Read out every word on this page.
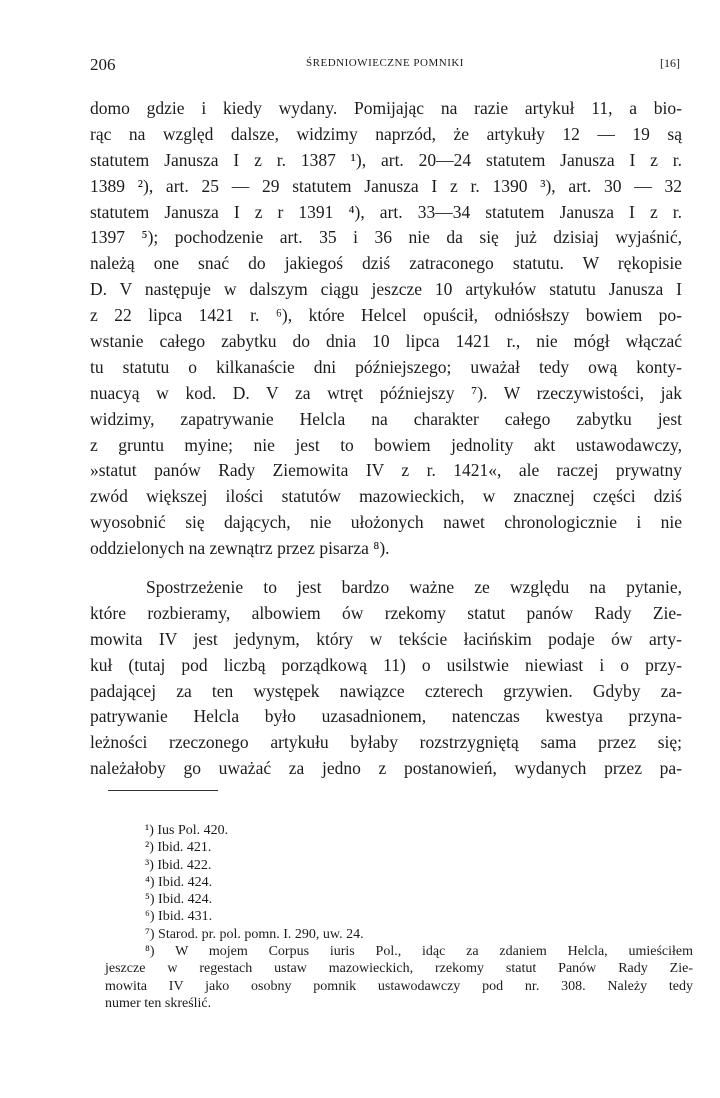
206	ŚREDNIOWIECZNE POMNIKI	[16]
domo gdzie i kiedy wydany. Pomijając na razie artykuł 11, a bio-
rąc na względ dalsze, widzimy naprzód, że artykuły 12 — 19 są
statutem Janusza I z r. 1387 ¹), art. 20—24 statutem Janusza I z r.
1389 ²), art. 25 — 29 statutem Janusza I z r. 1390 ³), art. 30 — 32
statutem Janusza I z r 1391 ⁴), art. 33—34 statutem Janusza I z r.
1397 ⁵); pochodzenie art. 35 i 36 nie da się już dzisiaj wyjaśnić,
należą one snać do jakiegoś dziś zatraconego statutu. W rękopisie
D. V następuje w dalszym ciągu jeszcze 10 artykułów statutu Janusza I
z 22 lipca 1421 r. ⁶), które Helcel opuścił, odniósłszy bowiem po-
wstanie całego zabytku do dnia 10 lipca 1421 r., nie mógł włączać
tu statutu o kilkanaście dni późniejszego; uważał tedy ową konty-
nuacyą w kod. D. V za wtręt późniejszy ⁷). W rzeczywistości, jak
widzimy, zapatrywanie Helcla na charakter całego zabytku jest
z gruntu myine; nie jest to bowiem jednolity akt ustawodawczy,
»statut panów Rady Ziemowita IV z r. 1421«, ale raczej prywatny
zwód większej ilości statutów mazowieckich, w znacznej części dziś
wyosobnić się dających, nie ułożonych nawet chronologicznie i nie
oddzielonych na zewnątrz przez pisarza ⁸).
Spostrzeżenie to jest bardzo ważne ze względu na pytanie,
które rozbieramy, albowiem ów rzekomy statut panów Rady Zie-
mowita IV jest jedynym, który w tekście łacińskim podaje ów arty-
kuł (tutaj pod liczbą porządkową 11) o usilstwie niewiast i o przy-
padającej za ten występek nawiązce czterech grzywien. Gdyby za-
patrywanie Helcla było uzasadnionem, natenczas kwestya przyna-
leżności rzeczonego artykułu byłaby rozstrzygniętą sama przez się;
należałoby go uważać za jedno z postanowień, wydanych przez pa-
¹) Ius Pol. 420.
²) Ibid. 421.
³) Ibid. 422.
⁴) Ibid. 424.
⁵) Ibid. 424.
⁶) Ibid. 431.
⁷) Starod. pr. pol. pomn. I. 290, uw. 24.
⁸) W mojem Corpus iuris Pol., idąc za zdaniem Helcla, umieściłem
jeszcze w regestach ustaw mazowieckich, rzekomy statut Panów Rady Zie-
mowita IV jako osobny pomnik ustawodawczy pod nr. 308. Należy tedy
numer ten skreślić.
